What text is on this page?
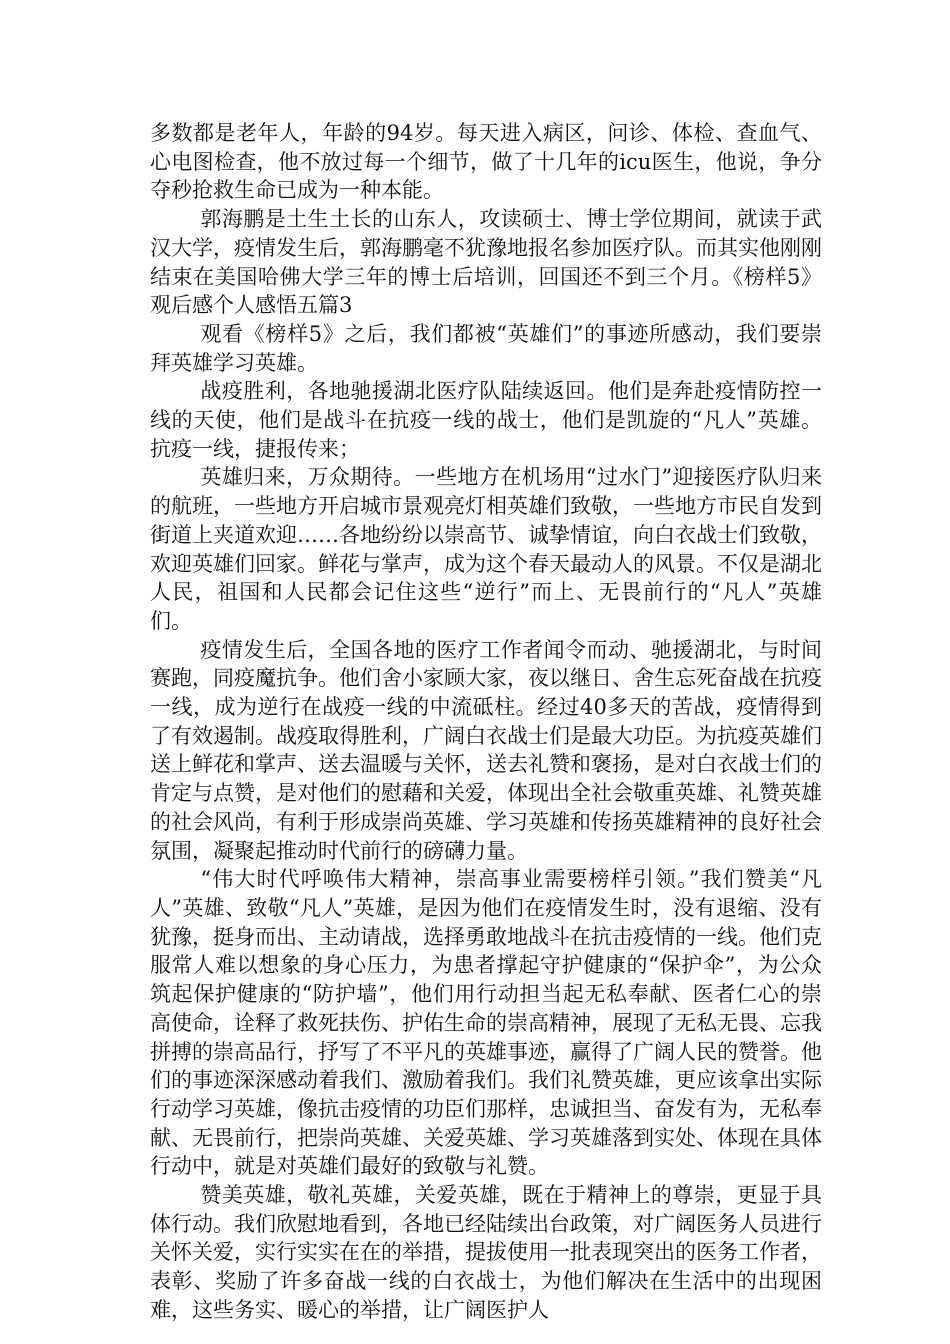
多数都是老年人，年龄的94岁。每天进入病区，问诊、体检、查血气、心电图检查，他不放过每一个细节，做了十几年的icu医生，他说，争分夺秒抢救生命已成为一种本能。

郭海鹏是土生土长的山东人，攻读硕士、博士学位期间，就读于武汉大学，疫情发生后，郭海鹏毫不犹豫地报名参加医疗队。而其实他刚刚结束在美国哈佛大学三年的博士后培训，回国还不到三个月。《榜样5》观后感个人感悟五篇3

观看《榜样5》之后，我们都被“英雄们”的事迹所感动，我们要崇拜英雄学习英雄。

战疫胜利，各地驰援湖北医疗队陆续返回。他们是奔赴疫情防控一线的天使，他们是战斗在抗疫一线的战士，他们是凯旋的“凡人”英雄。抗疫一线，捷报传来；

英雄归来，万众期待。一些地方在机场用“过水门”迎接医疗队归来的航班，一些地方开启城市景观亮灯相英雄们致敬，一些地方市民自发到街道上夹道欢迎……各地纷纷以崇高节、诚挚情谊，向白衣战士们致敬，欢迎英雄们回家。鲜花与掌声，成为这个春天最动人的风景。不仅是湖北人民，祖国和人民都会记住这些“逆行”而上、无畏前行的“凡人”英雄们。

疫情发生后，全国各地的医疗工作者闻令而动、驰援湖北，与时间赛跑，同疫魔抗争。他们舍小家顾大家，夜以继日、舍生忘死奋战在抗疫一线，成为逆行在战疫一线的中流砥柱。经过40多天的苦战，疫情得到了有效遏制。战疫取得胜利，广阔白衣战士们是最大功臣。为抗疫英雄们送上鲜花和掌声、送去温暖与关怀，送去礼赞和褒扬，是对白衣战士们的肯定与点赞，是对他们的慰藉和关爱，体现出全社会敬重英雄、礼赞英雄的社会风尚，有利于形成崇尚英雄、学习英雄和传扬英雄精神的良好社会氛围，凝聚起推动时代前行的磅礴力量。

“伟大时代呼唤伟大精神，崇高事业需要榜样引领。”我们赞美“凡人”英雄、致敬“凡人”英雄，是因为他们在疫情发生时，没有退缩、没有犹豫，挺身而出、主动请战，选择勇敢地战斗在抗击疫情的一线。他们克服常人难以想象的身心压力，为患者撑起守护健康的“保护伞”，为公众筑起保护健康的“防护墙”，他们用行动担当起无私奉献、医者仁心的崇高使命，诠释了救死扶伤、护佑生命的崇高精神，展现了无私无畏、忘我拼搏的崇高品行，抒写了不平凡的英雄事迹，赢得了广阔人民的赞誉。他们的事迹深深感动着我们、激励着我们。我们礼赞英雄，更应该拿出实际行动学习英雄，像抗击疫情的功臣们那样，忠诚担当、奋发有为，无私奉献、无畏前行，把崇尚英雄、关爱英雄、学习英雄落到实处、体现在具体行动中，就是对英雄们最好的致敬与礼赞。

赞美英雄，敬礼英雄，关爱英雄，既在于精神上的尊崇，更显于具体行动。我们欣慰地看到，各地已经陆续出台政策，对广阔医务人员进行关怀关爱，实行实实在在的举措，提拔使用一批表现突出的医务工作者，表彰、奖励了许多奋战一线的白衣战士，为他们解决在生活中的出现困难，这些务实、暖心的举措，让广阔医护人
